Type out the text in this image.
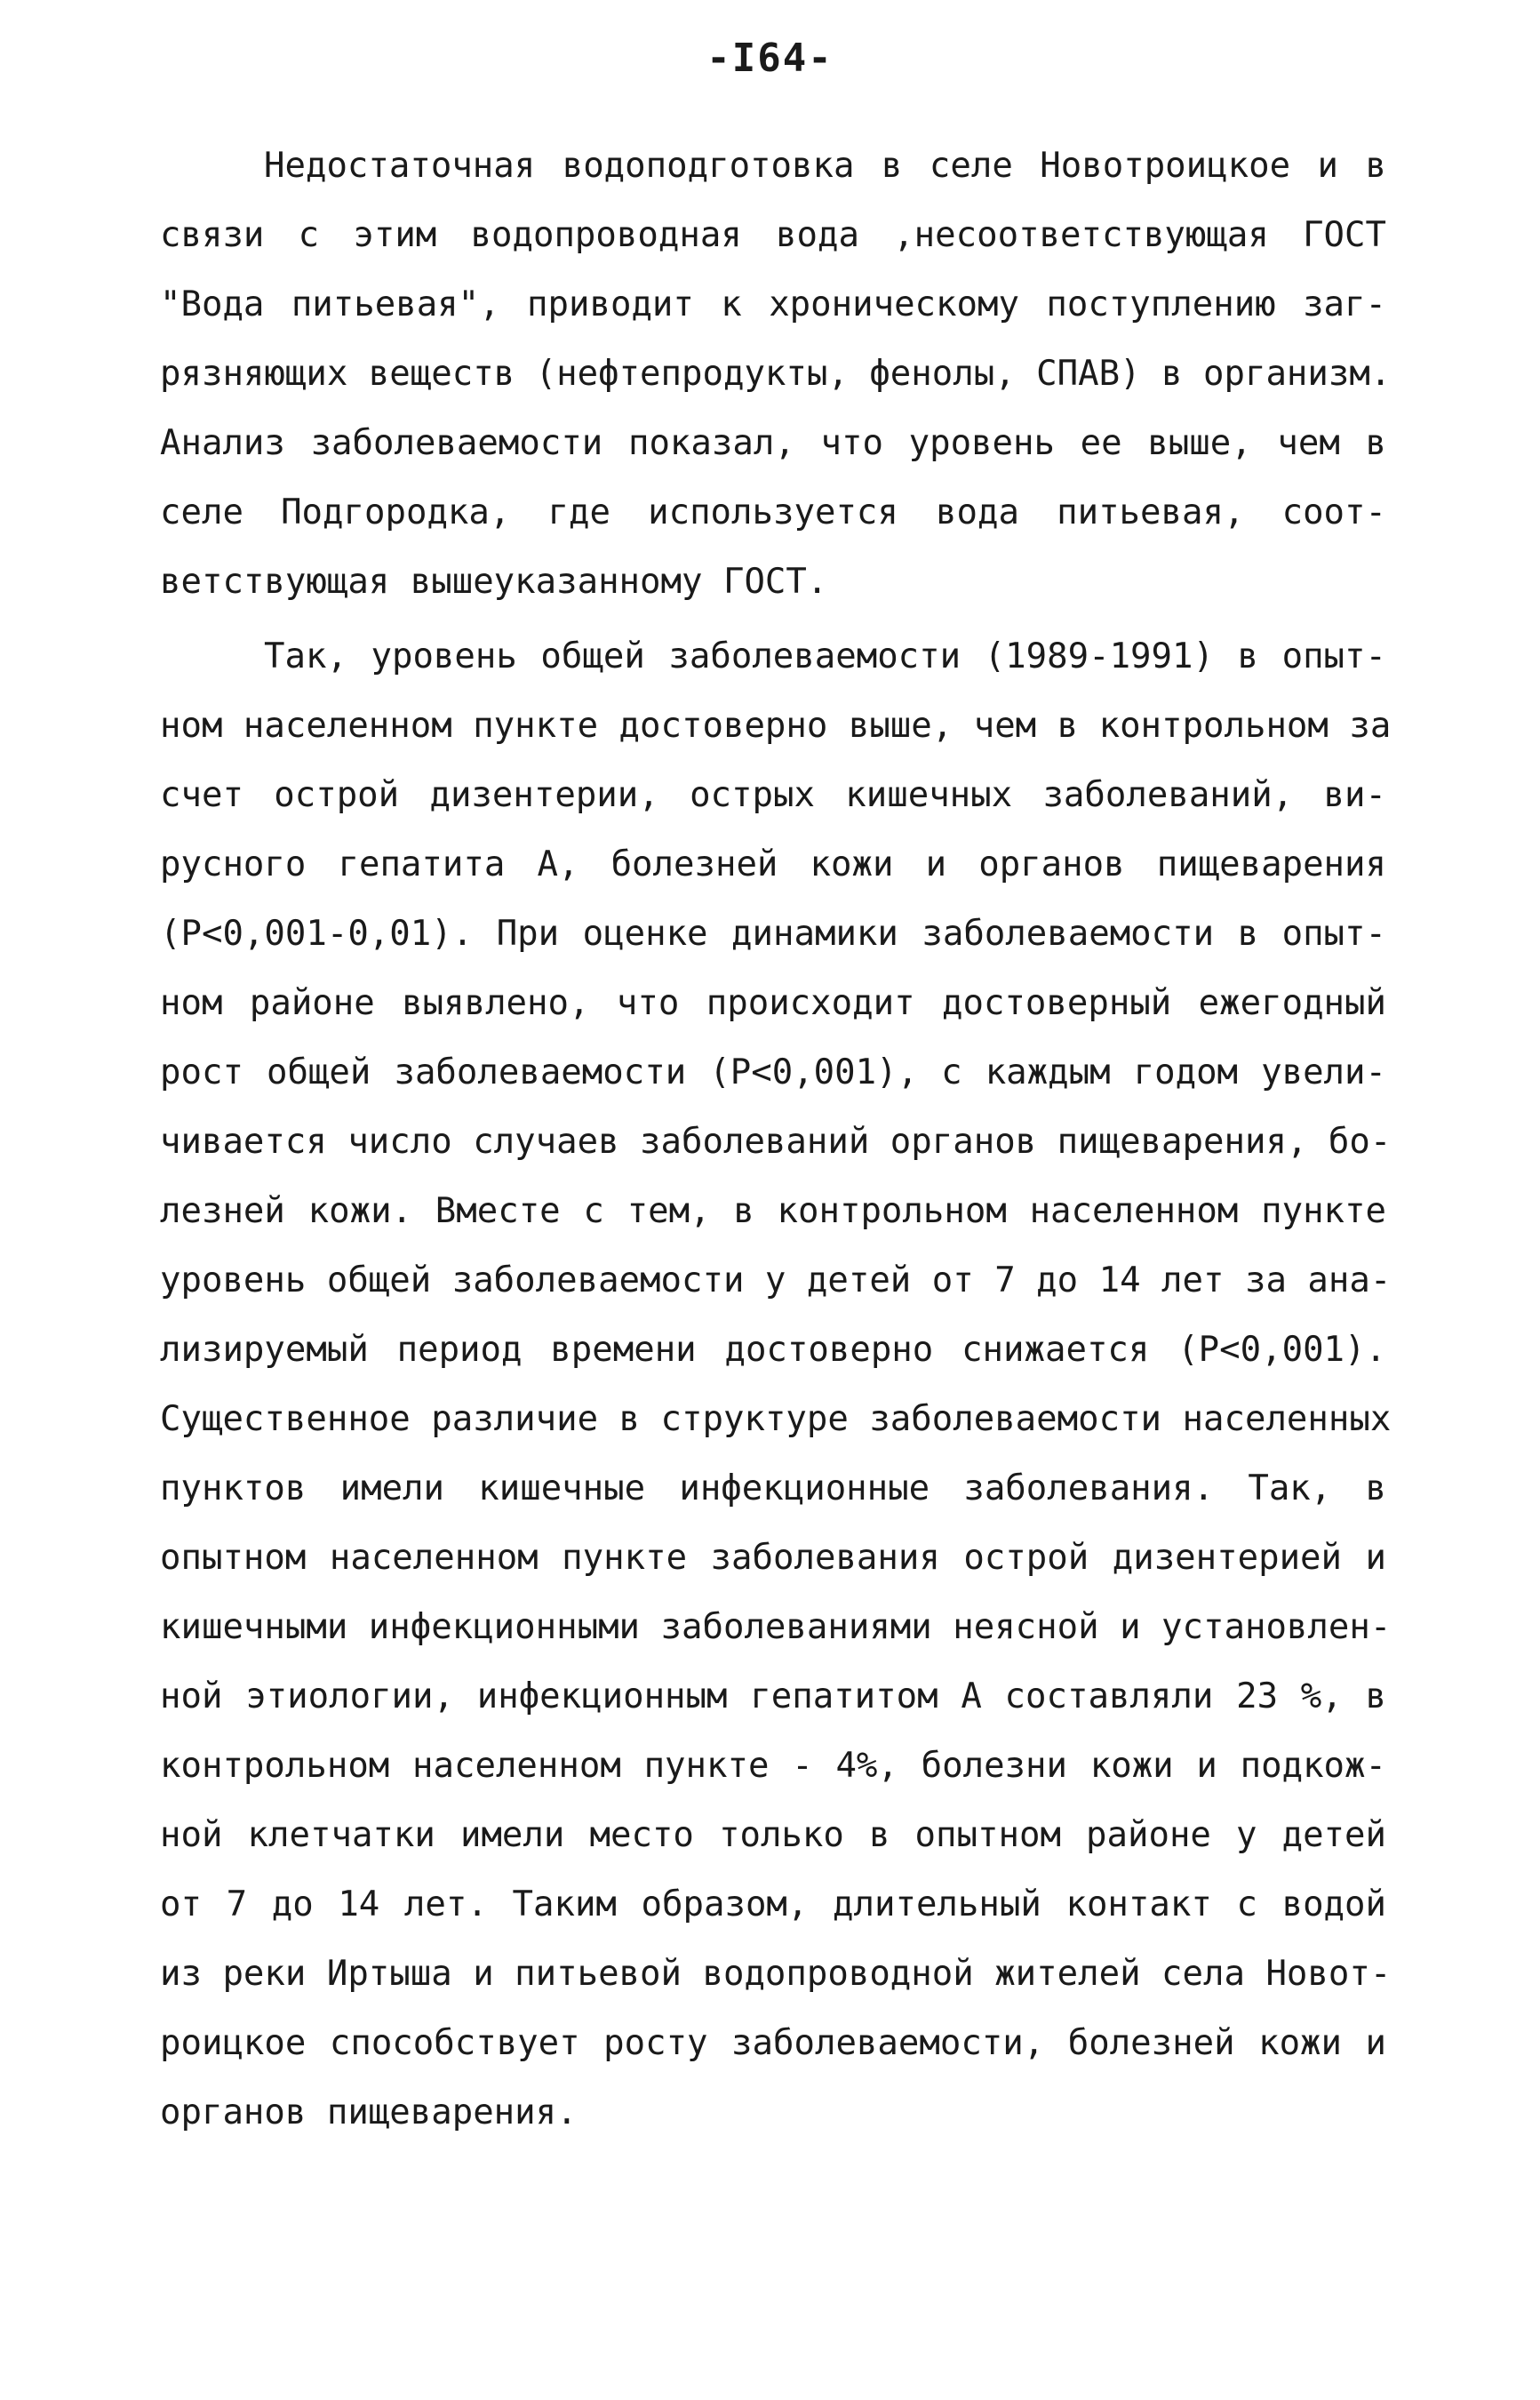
-I64-
Недостаточная водоподготовка в селе Новотроицкое и в
связи с этим водопроводная вода ,несоответствующая ГОСТ
"Вода питьевая", приводит к хроническому поступлению заг-
рязняющих веществ (нефтепродукты, фенолы, СПАВ) в организм.
Анализ заболеваемости показал, что уровень ее выше, чем в
селе Подгородка, где используется вода питьевая, соот-
ветствующая вышеуказанному ГОСТ.
Так, уровень общей заболеваемости (1989-1991) в опыт-
ном населенном пункте достоверно выше, чем в контрольном за
счет острой дизентерии, острых кишечных заболеваний, ви-
русного гепатита А, болезней кожи и органов пищеварения
(Р<0,001-0,01). При оценке динамики заболеваемости в опыт-
ном районе выявлено, что происходит достоверный ежегодный
рост общей заболеваемости (Р<0,001), с каждым годом увели-
чивается число случаев заболеваний органов пищеварения, бо-
лезней кожи. Вместе с тем, в контрольном населенном пункте
уровень общей заболеваемости у детей от 7 до 14 лет за ана-
лизируемый период времени достоверно снижается (Р<0,001).
Существенное различие в структуре заболеваемости населенных
пунктов имели кишечные инфекционные заболевания. Так, в
опытном населенном пункте заболевания острой дизентерией и
кишечными инфекционными заболеваниями неясной и установлен-
ной этиологии, инфекционным гепатитом А составляли 23 %, в
контрольном населенном пункте - 4%, болезни кожи и подкож-
ной клетчатки имели место только в опытном районе у детей
от 7 до 14 лет. Таким образом, длительный контакт с водой
из реки Иртыша и питьевой водопроводной жителей села Новот-
роицкое способствует росту заболеваемости, болезней кожи и
органов пищеварения.
